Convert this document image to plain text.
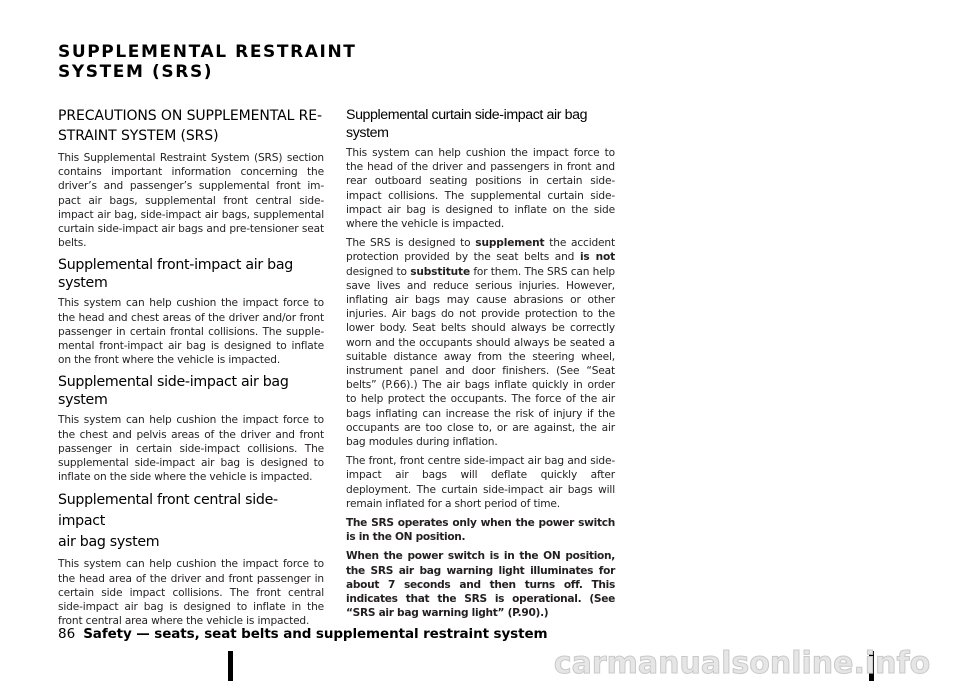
SUPPLEMENTAL RESTRAINT
SYSTEM (SRS)
PRECAUTIONS ON SUPPLEMENTAL RE-
STRAINT SYSTEM (SRS)

This Supplemental Restraint System (SRS) section contains important information concerning the driver’s and passenger’s supplemental front im-pact air bags, supplemental front central side-impact air bag, side-impact air bags, supplemental curtain side-impact air bags and pre-tensioner seat belts.

Supplemental front-impact air bag system

This system can help cushion the impact force to the head and chest areas of the driver and/or front passenger in certain frontal collisions. The supple-mental front-impact air bag is designed to inflate on the front where the vehicle is impacted.

Supplemental side-impact air bag system

This system can help cushion the impact force to the chest and pelvis areas of the driver and front passenger in certain side-impact collisions. The supplemental side-impact air bag is designed to inflate on the side where the vehicle is impacted.

Supplemental front central side-impact
air bag system

This system can help cushion the impact force to the head area of the driver and front passenger in certain side impact collisions. The front central side-impact air bag is designed to inflate in the front central area where the vehicle is impacted.

Supplemental curtain side-impact air bag system

This system can help cushion the impact force to the head of the driver and passengers in front and rear outboard seating positions in certain side-impact collisions. The supplemental curtain side-impact air bag is designed to inflate on the side where the vehicle is impacted.

The SRS is designed to supplement the accident protection provided by the seat belts and is not designed to substitute for them. The SRS can help save lives and reduce serious injuries. However, inflating air bags may cause abrasions or other injuries. Air bags do not provide protection to the lower body. Seat belts should always be correctly worn and the occupants should always be seated a suitable distance away from the steering wheel, instrument panel and door finishers. (See “Seat belts” (P.66).) The air bags inflate quickly in order to help protect the occupants. The force of the air bags inflating can increase the risk of injury if the occupants are too close to, or are against, the air bag modules during inflation.

The front, front centre side-impact air bag and side-impact air bags will deflate quickly after deployment. The curtain side-impact air bags will remain inflated for a short period of time.

The SRS operates only when the power switch is in the ON position.

When the power switch is in the ON position, the SRS air bag warning light illuminates for about 7 seconds and then turns off. This indicates that the SRS is operational. (See “SRS air bag warning light” (P.90).)

86 Safety — seats, seat belts and supplemental restraint system
carmanualsonline.info
